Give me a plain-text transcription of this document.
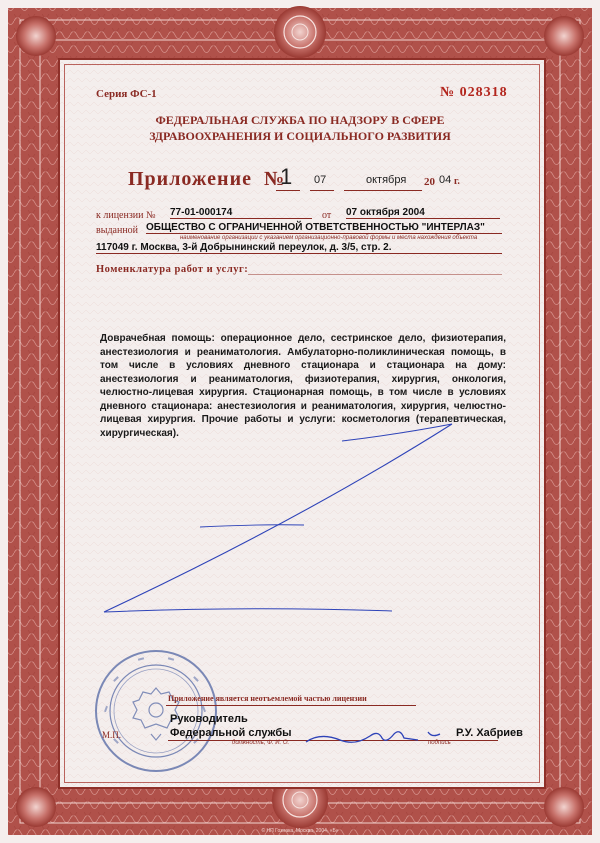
Серия ФС-1	№ 028318
ФЕДЕРАЛЬНАЯ СЛУЖБА ПО НАДЗОРУ В СФЕРЕ
ЗДРАВООХРАНЕНИЯ И СОЦИАЛЬНОГО РАЗВИТИЯ
Приложение №
1 07	октября 20 04 г.
к лицензии № 77-01-000174	от 07 октября 2004
выданной ОБЩЕСТВО С ОГРАНИЧЕННОЙ ОТВЕТСТВЕННОСТЬЮ "ИНТЕРЛАЗ"
наименование организации с указанием организационно-правовой формы и места нахождения объекта
117049 г. Москва, 3-й Добрынинский переулок, д. 3/5, стр. 2.
Номенклатура работ и услуг:

Доврачебная помощь: операционное дело, сестринское дело, физиотерапия, анестезиология и реаниматология. Амбулаторно-поликлиническая помощь, в том числе в условиях дневного стационара и стационара на дому: анестезиология и реаниматология, физиотерапия, хирургия, онкология, челюстно-лицевая хирургия. Стационарная помощь, в том числе в условиях дневного стационара: анестезиология и реаниматология, хирургия, челюстно-лицевая хирургия. Прочие работы и услуги: косметология (терапевтическая, хирургическая).

Приложение является неотъемлемой частью лицензии
Руководитель
Федеральной службы	Р.У. Хабриев
М.П.
должность, Ф. И. О.	подпись
© НП Гознака, Москва, 2004, «Б»
